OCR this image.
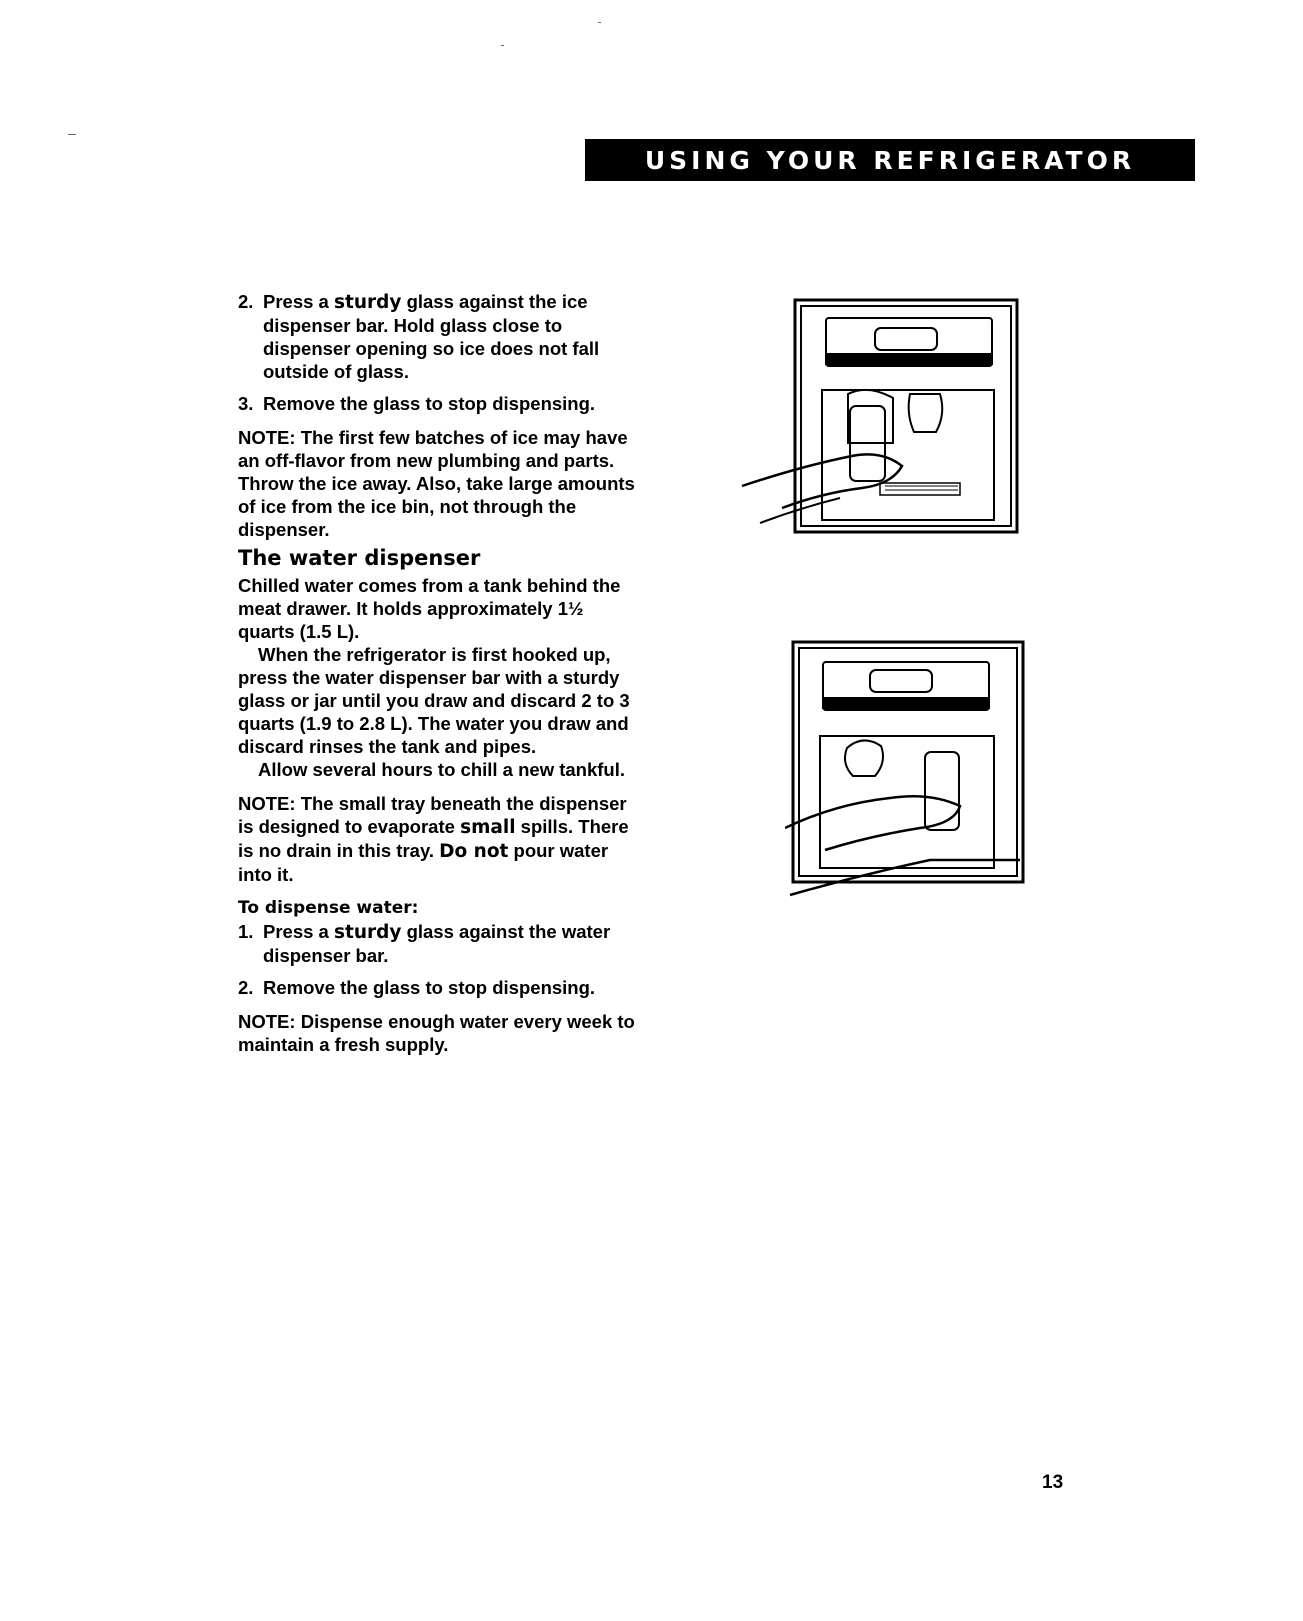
USING YOUR REFRIGERATOR
2. Press a sturdy glass against the ice dispenser bar. Hold glass close to dispenser opening so ice does not fall outside of glass.
3. Remove the glass to stop dispensing.
NOTE: The first few batches of ice may have an off-flavor from new plumbing and parts. Throw the ice away. Also, take large amounts of ice from the ice bin, not through the dispenser.
The water dispenser
Chilled water comes from a tank behind the meat drawer. It holds approximately 1½ quarts (1.5 L).
When the refrigerator is first hooked up, press the water dispenser bar with a sturdy glass or jar until you draw and discard 2 to 3 quarts (1.9 to 2.8 L). The water you draw and discard rinses the tank and pipes.
Allow several hours to chill a new tankful.
NOTE: The small tray beneath the dispenser is designed to evaporate small spills. There is no drain in this tray. Do not pour water into it.
To dispense water:
1. Press a sturdy glass against the water dispenser bar.
2. Remove the glass to stop dispensing.
NOTE: Dispense enough water every week to maintain a fresh supply.
13
